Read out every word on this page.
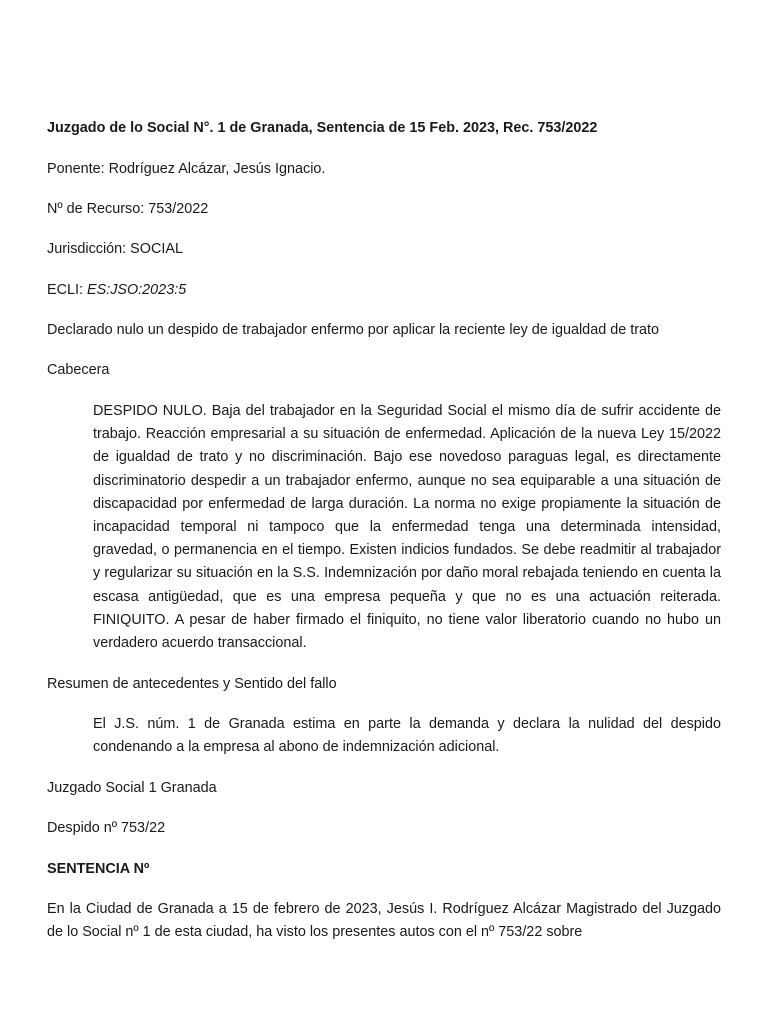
Juzgado de lo Social N°. 1 de Granada, Sentencia de 15 Feb. 2023, Rec. 753/2022
Ponente: Rodríguez Alcázar, Jesús Ignacio.
Nº de Recurso: 753/2022
Jurisdicción: SOCIAL
ECLI: ES:JSO:2023:5
Declarado nulo un despido de trabajador enfermo por aplicar la reciente ley de igualdad de trato
Cabecera
DESPIDO NULO. Baja del trabajador en la Seguridad Social el mismo día de sufrir accidente de trabajo. Reacción empresarial a su situación de enfermedad. Aplicación de la nueva Ley 15/2022 de igualdad de trato y no discriminación. Bajo ese novedoso paraguas legal, es directamente discriminatorio despedir a un trabajador enfermo, aunque no sea equiparable a una situación de discapacidad por enfermedad de larga duración. La norma no exige propiamente la situación de incapacidad temporal ni tampoco que la enfermedad tenga una determinada intensidad, gravedad, o permanencia en el tiempo. Existen indicios fundados. Se debe readmitir al trabajador y regularizar su situación en la S.S. Indemnización por daño moral rebajada teniendo en cuenta la escasa antigüedad, que es una empresa pequeña y que no es una actuación reiterada. FINIQUITO. A pesar de haber firmado el finiquito, no tiene valor liberatorio cuando no hubo un verdadero acuerdo transaccional.
Resumen de antecedentes y Sentido del fallo
El J.S. núm. 1 de Granada estima en parte la demanda y declara la nulidad del despido condenando a la empresa al abono de indemnización adicional.
Juzgado Social 1 Granada
Despido nº 753/22
SENTENCIA Nº
En la Ciudad de Granada a 15 de febrero de 2023, Jesús I. Rodríguez Alcázar Magistrado del Juzgado de lo Social nº 1 de esta ciudad, ha visto los presentes autos con el nº 753/22 sobre
